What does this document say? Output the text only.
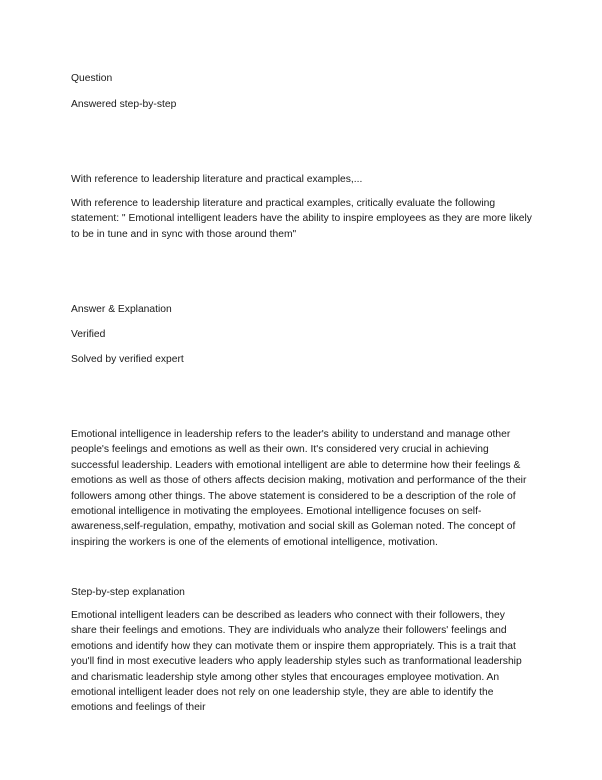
Question
Answered step-by-step
With reference to leadership literature and practical examples,...
With reference to leadership literature and practical examples, critically evaluate the following statement: " Emotional intelligent leaders have the ability to inspire employees as they are more likely to be in tune and in sync with those around them"
Answer & Explanation
Verified
Solved by verified expert
Emotional intelligence in leadership refers to the leader's ability to understand and manage other people's feelings and emotions as well as their own. It's considered very crucial in achieving successful leadership. Leaders with emotional intelligent are able to determine how their feelings & emotions as well as those of others affects decision making, motivation and performance of the their followers among other things. The above statement is considered to be a description of the role of emotional intelligence in motivating the employees. Emotional intelligence focuses on self-awareness,self-regulation, empathy, motivation and social skill as Goleman noted. The concept of inspiring the workers is one of the elements of emotional intelligence, motivation.
Step-by-step explanation
Emotional intelligent leaders can be described as leaders who connect with their followers, they share their feelings and emotions. They are individuals who analyze their followers' feelings and emotions and identify how they can motivate them or inspire them appropriately. This is a trait that you'll find in most executive leaders who apply leadership styles such as tranformational leadership and charismatic leadership style among other styles that encourages employee motivation. An emotional intelligent leader does not rely on one leadership style, they are able to identify the emotions and feelings of their
